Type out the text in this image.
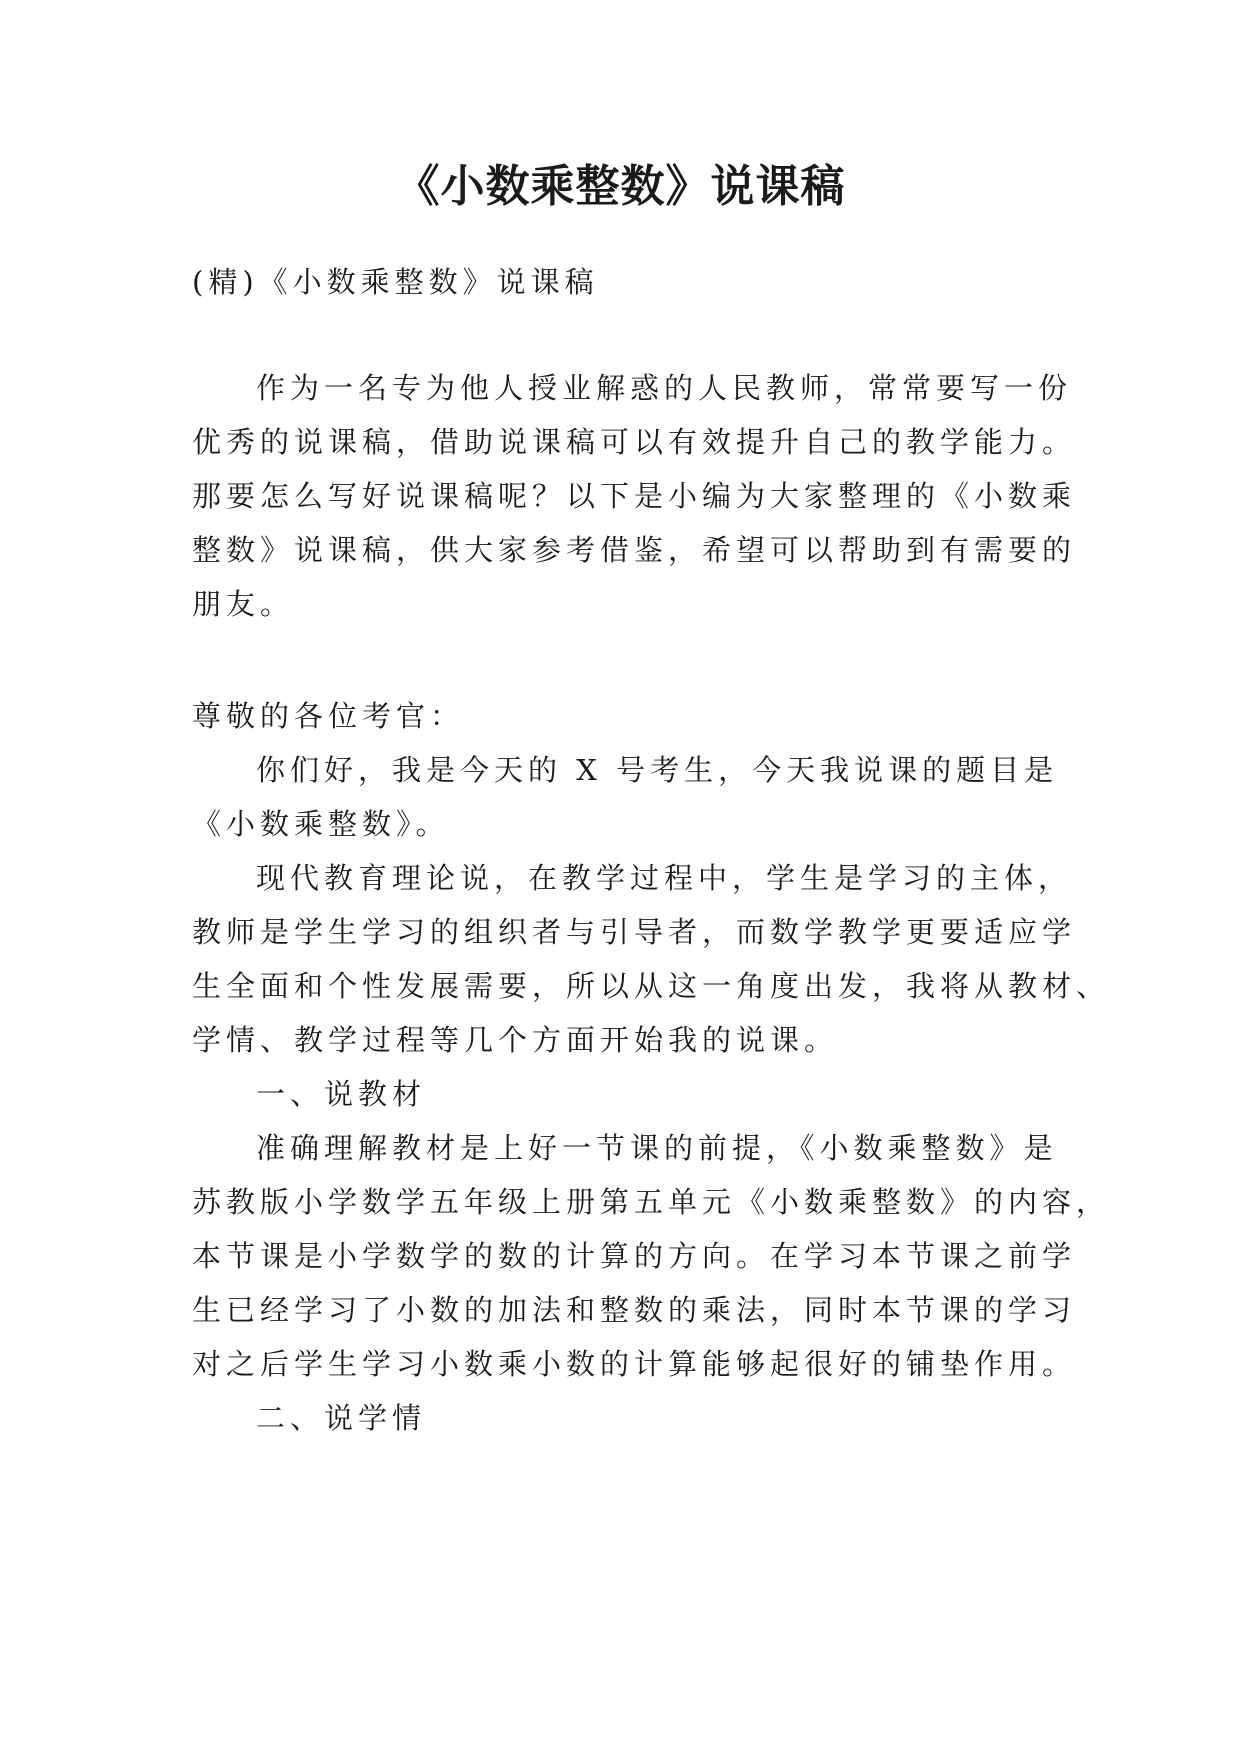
《小数乘整数》说课稿
(精)《小数乘整数》说课稿
作为一名专为他人授业解惑的人民教师，常常要写一份
优秀的说课稿，借助说课稿可以有效提升自己的教学能力。
那要怎么写好说课稿呢？以下是小编为大家整理的《小数乘
整数》说课稿，供大家参考借鉴，希望可以帮助到有需要的
朋友。
尊敬的各位考官：
你们好，我是今天的 X 号考生，今天我说课的题目是
《小数乘整数》。
现代教育理论说，在教学过程中，学生是学习的主体，
教师是学生学习的组织者与引导者，而数学教学更要适应学
生全面和个性发展需要，所以从这一角度出发，我将从教材、
学情、教学过程等几个方面开始我的说课。
一、说教材
准确理解教材是上好一节课的前提，《小数乘整数》是
苏教版小学数学五年级上册第五单元《小数乘整数》的内容，
本节课是小学数学的数的计算的方向。在学习本节课之前学
生已经学习了小数的加法和整数的乘法，同时本节课的学习
对之后学生学习小数乘小数的计算能够起很好的铺垫作用。
二、说学情
